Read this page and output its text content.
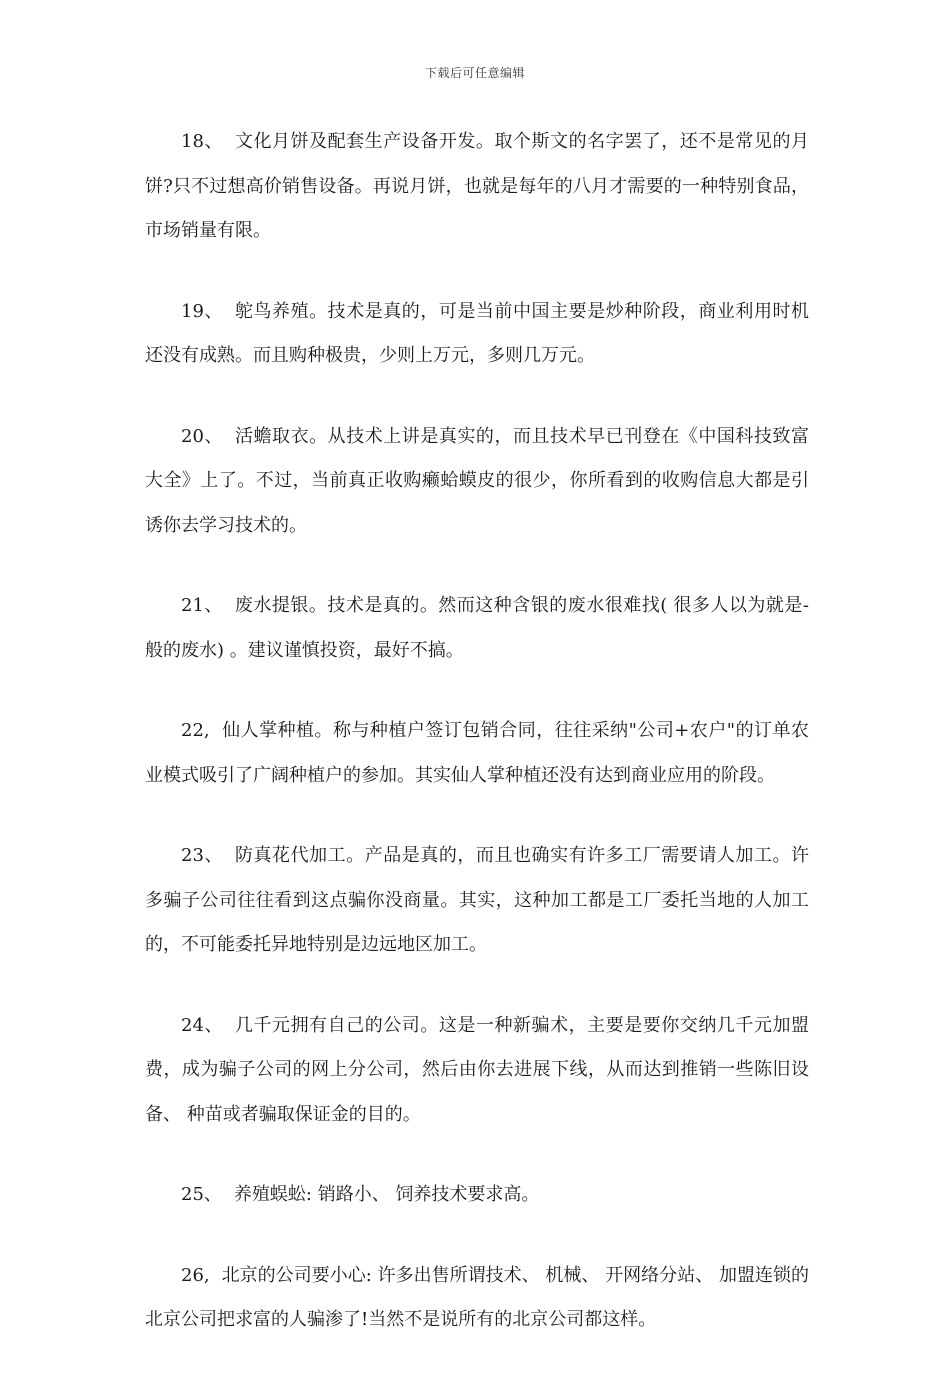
下载后可任意编辑

18、 文化月饼及配套生产设备开发。取个斯文的名字罢了，还不是常见的月饼?只不过想高价销售设备。再说月饼，也就是每年的八月才需要的一种特别食品，市场销量有限。

19、 鸵鸟养殖。技术是真的，可是当前中国主要是炒种阶段，商业利用时机还没有成熟。而且购种极贵，少则上万元，多则几万元。

20、 活蟾取衣。从技术上讲是真实的，而且技术早已刊登在《中国科技致富大全》上了。不过，当前真正收购癞蛤蟆皮的很少，你所看到的收购信息大都是引诱你去学习技术的。

21、 废水提银。技术是真的。然而这种含银的废水很难找( 很多人以为就是-般的废水) 。建议谨慎投资，最好不搞。

22, 仙人掌种植。称与种植户签订包销合同，往往采纳"公司+农户"的订单农业模式吸引了广阔种植户的参加。其实仙人掌种植还没有达到商业应用的阶段。

23、 防真花代加工。产品是真的，而且也确实有许多工厂需要请人加工。许多骗子公司往往看到这点骗你没商量。其实，这种加工都是工厂委托当地的人加工的，不可能委托异地特别是边远地区加工。

24、 几千元拥有自己的公司。这是一种新骗术，主要是要你交纳几千元加盟费，成为骗子公司的网上分公司，然后由你去进展下线，从而达到推销一些陈旧设备、 种苗或者骗取保证金的目的。

25、 养殖蜈蚣: 销路小、 饲养技术要求高。

26, 北京的公司要小心: 许多出售所谓技术、 机械、 开网络分站、 加盟连锁的北京公司把求富的人骗渗了!当然不是说所有的北京公司都这样。
